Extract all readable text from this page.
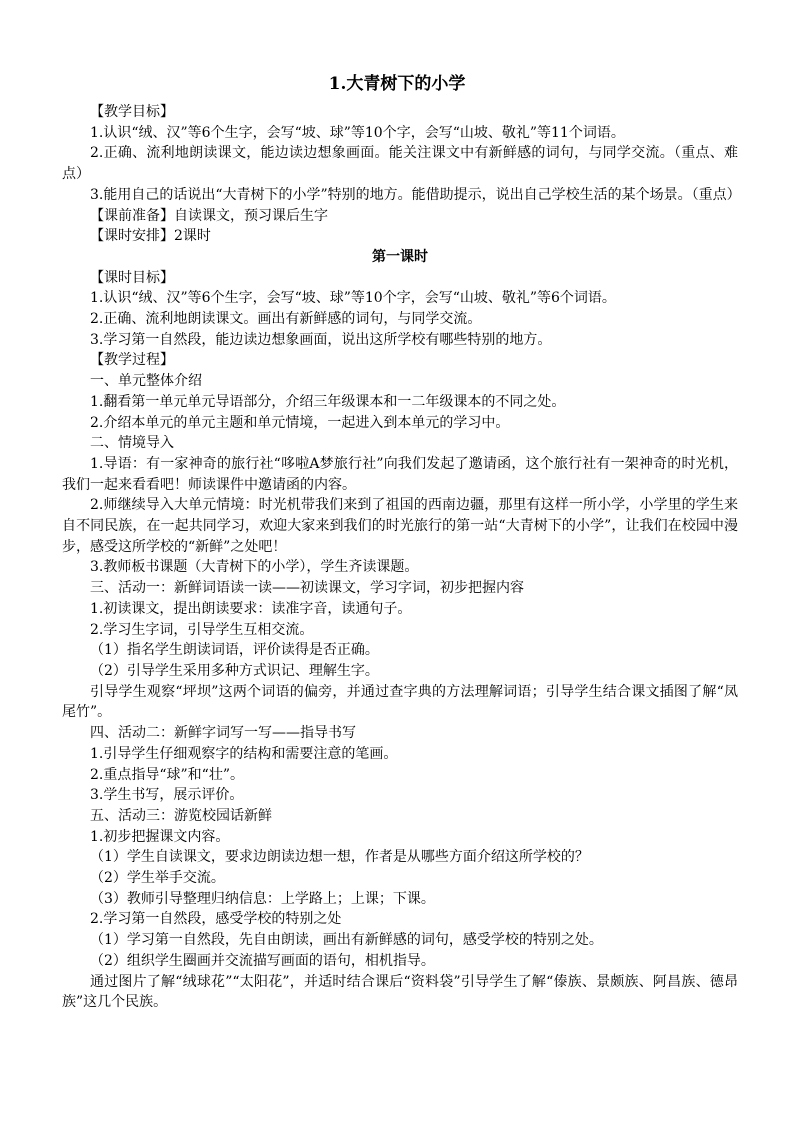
1.大青树下的小学

【教学目标】

1.认识“绒、汉”等6个生字，会写“坡、球”等10个字，会写“山坡、敬礼”等11个词语。

2.正确、流利地朗读课文，能边读边想象画面。能关注课文中有新鲜感的词句，与同学交流。（重点、难点）

3.能用自己的话说出“大青树下的小学”特别的地方。能借助提示，说出自己学校生活的某个场景。（重点）

【课前准备】自读课文，预习课后生字

【课时安排】2课时

第一课时

【课时目标】

1.认识“绒、汉”等6个生字，会写“坡、球”等10个字，会写“山坡、敬礼”等6个词语。

2.正确、流利地朗读课文。画出有新鲜感的词句，与同学交流。

3.学习第一自然段，能边读边想象画面，说出这所学校有哪些特别的地方。

【教学过程】

一、单元整体介绍

1.翻看第一单元单元导语部分，介绍三年级课本和一二年级课本的不同之处。

2.介绍本单元的单元主题和单元情境，一起进入到本单元的学习中。

二、情境导入

1.导语：有一家神奇的旅行社“哆啦A梦旅行社”向我们发起了邀请函，这个旅行社有一架神奇的时光机，我们一起来看看吧！师读课件中邀请函的内容。

2.师继续导入大单元情境：时光机带我们来到了祖国的西南边疆，那里有这样一所小学，小学里的学生来自不同民族，在一起共同学习，欢迎大家来到我们的时光旅行的第一站“大青树下的小学”，让我们在校园中漫步，感受这所学校的“新鲜”之处吧！

3.教师板书课题（大青树下的小学），学生齐读课题。

三、活动一：新鲜词语读一读——初读课文，学习字词，初步把握内容

1.初读课文，提出朗读要求：读准字音，读通句子。

2.学习生字词，引导学生互相交流。

（1）指名学生朗读词语，评价读得是否正确。

（2）引导学生采用多种方式识记、理解生字。

引导学生观察“坪坝”这两个词语的偏旁，并通过查字典的方法理解词语；引导学生结合课文插图了解“凤尾竹”。

四、活动二：新鲜字词写一写——指导书写

1.引导学生仔细观察字的结构和需要注意的笔画。

2.重点指导“球”和“壮”。

3.学生书写，展示评价。

五、活动三：游览校园话新鲜

1.初步把握课文内容。

（1）学生自读课文，要求边朗读边想一想，作者是从哪些方面介绍这所学校的？

（2）学生举手交流。

（3）教师引导整理归纳信息：上学路上；上课；下课。

2.学习第一自然段，感受学校的特别之处

（1）学习第一自然段，先自由朗读，画出有新鲜感的词句，感受学校的特别之处。

（2）组织学生圈画并交流描写画面的语句，相机指导。

通过图片了解“绒球花”“太阳花”，并适时结合课后“资料袋”引导学生了解“傣族、景颇族、阿昌族、德昂族”这几个民族。
